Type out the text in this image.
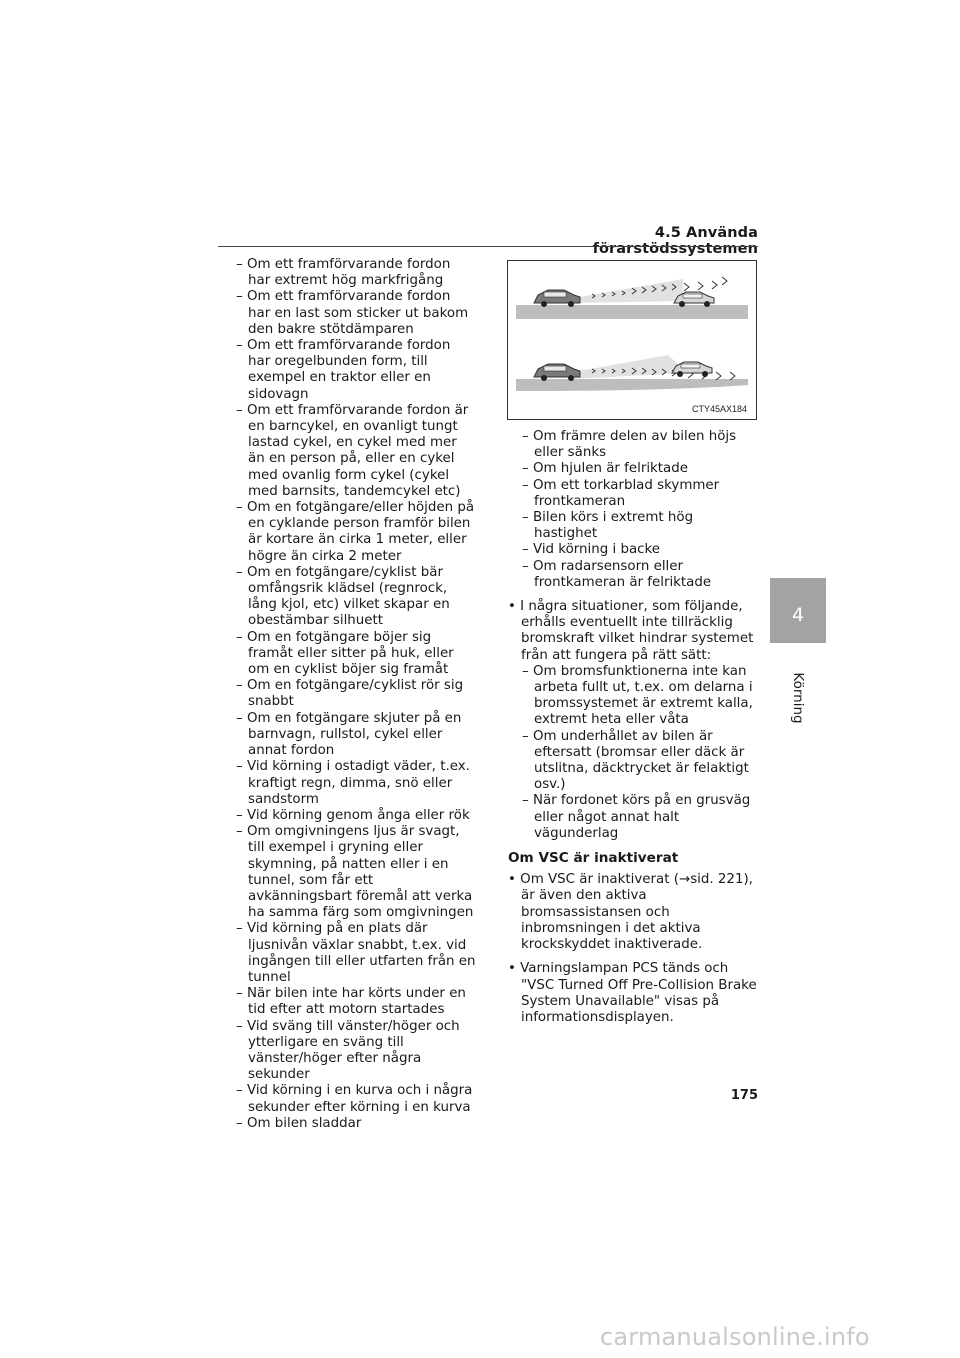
4.5 Använda förarstödssystemen
4
Körning
– Om ett framförvarande fordon har extremt hög markfrigång
– Om ett framförvarande fordon har en last som sticker ut bakom den bakre stötdämparen
– Om ett framförvarande fordon har oregelbunden form, till exempel en traktor eller en sidovagn
– Om ett framförvarande fordon är en barncykel, en ovanligt tungt lastad cykel, en cykel med mer än en person på, eller en cykel med ovanlig form cykel (cykel med barnsits, tandemcykel etc)
– Om en fotgängare/eller höjden på en cyklande person framför bilen är kortare än cirka 1 meter, eller högre än cirka 2 meter
– Om en fotgängare/cyklist bär omfångsrik klädsel (regnrock, lång kjol, etc) vilket skapar en obestämbar silhuett
– Om en fotgängare böjer sig framåt eller sitter på huk, eller om en cyklist böjer sig framåt
– Om en fotgängare/cyklist rör sig snabbt
– Om en fotgängare skjuter på en barnvagn, rullstol, cykel eller annat fordon
– Vid körning i ostadigt väder, t.ex. kraftigt regn, dimma, snö eller sandstorm
– Vid körning genom ånga eller rök
– Om omgivningens ljus är svagt, till exempel i gryning eller skymning, på natten eller i en tunnel, som får ett avkänningsbart föremål att verka ha samma färg som omgivningen
– Vid körning på en plats där ljusnivån växlar snabbt, t.ex. vid ingången till eller utfarten från en tunnel
– När bilen inte har körts under en tid efter att motorn startades
– Vid sväng till vänster/höger och ytterligare en sväng till vänster/höger efter några sekunder
– Vid körning i en kurva och i några sekunder efter körning i en kurva
– Om bilen sladdar
CTY45AX184
– Om främre delen av bilen höjs eller sänks
– Om hjulen är felriktade
– Om ett torkarblad skymmer frontkameran
– Bilen körs i extremt hög hastighet
– Vid körning i backe
– Om radarsensorn eller frontkameran är felriktade
• I några situationer, som följande, erhålls eventuellt inte tillräcklig bromskraft vilket hindrar systemet från att fungera på rätt sätt:
– Om bromsfunktionerna inte kan arbeta fullt ut, t.ex. om delarna i bromssystemet är extremt kalla, extremt heta eller våta
– Om underhållet av bilen är eftersatt (bromsar eller däck är utslitna, däcktrycket är felaktigt osv.)
– När fordonet körs på en grusväg eller något annat halt vägunderlag
Om VSC är inaktiverat
• Om VSC är inaktiverat (→sid. 221), är även den aktiva bromsassistansen och inbromsningen i det aktiva krockskyddet inaktiverade.
• Varningslampan PCS tänds och "VSC Turned Off Pre-Collision Brake System Unavailable" visas på informationsdisplayen.
175
carmanualsonline.info
